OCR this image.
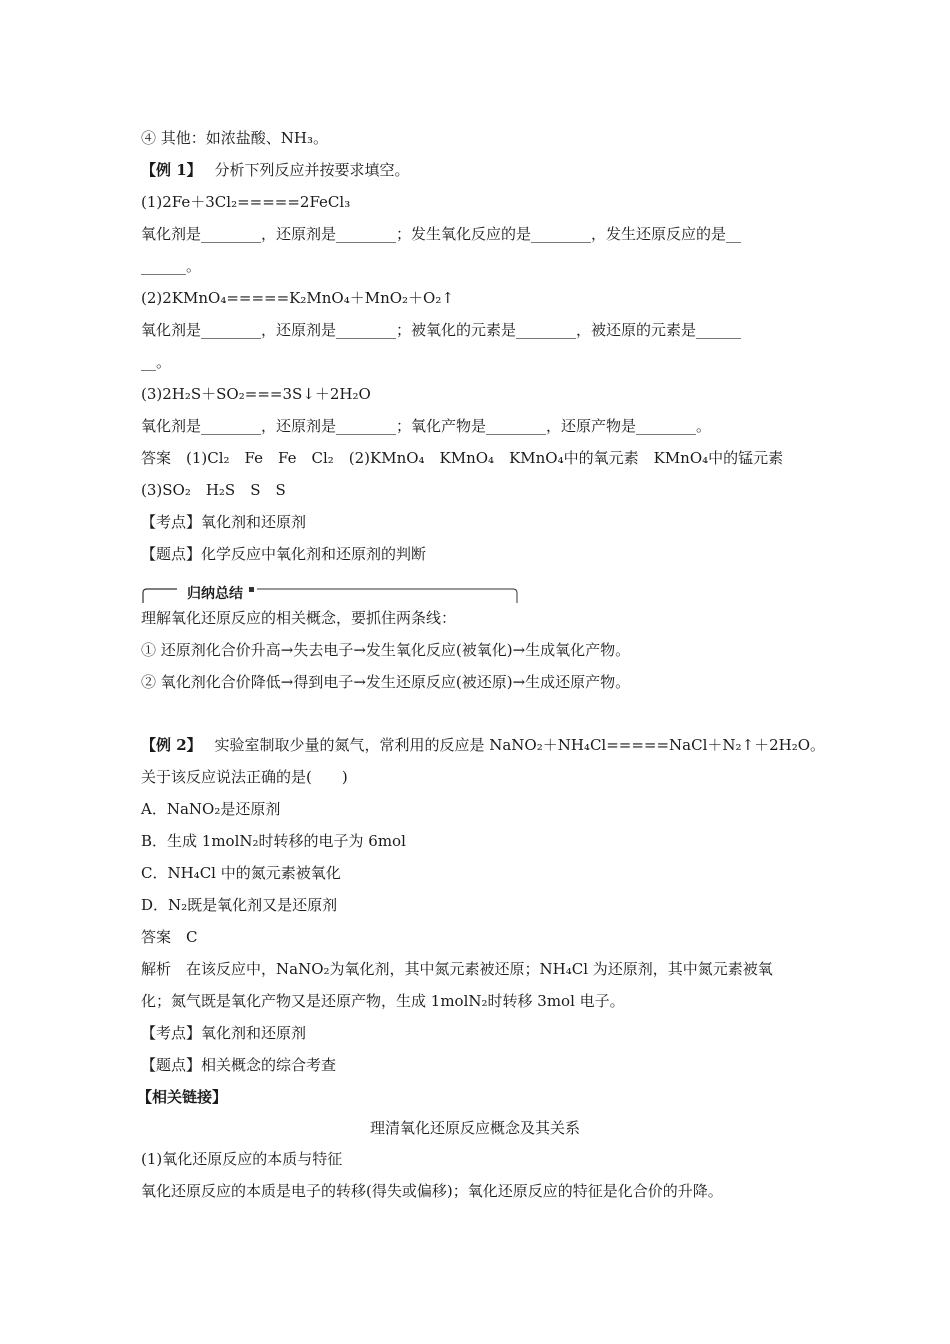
④ 其他：如浓盐酸、NH₃。
【例 1】 分析下列反应并按要求填空。
(1)2Fe＋3Cl₂=====2FeCl₃
氧化剂是________，还原剂是________；发生氧化反应的是________，发生还原反应的是__
______。
(2)2KMnO₄=====K₂MnO₄＋MnO₂＋O₂↑
氧化剂是________，还原剂是________；被氧化的元素是________，被还原的元素是______
__。
(3)2H₂S＋SO₂===3S↓＋2H₂O
氧化剂是________，还原剂是________；氧化产物是________，还原产物是________。
答案　(1)Cl₂　Fe　Fe　Cl₂　(2)KMnO₄　KMnO₄　KMnO₄中的氧元素　KMnO₄中的锰元素
(3)SO₂　H₂S　S　S
【考点】氧化剂和还原剂
【题点】化学反应中氧化剂和还原剂的判断
归纳总结
理解氧化还原反应的相关概念，要抓住两条线：
① 还原剂化合价升高→失去电子→发生氧化反应(被氧化)→生成氧化产物。
② 氧化剂化合价降低→得到电子→发生还原反应(被还原)→生成还原产物。
【例 2】 实验室制取少量的氮气，常利用的反应是 NaNO₂＋NH₄Cl=====NaCl＋N₂↑＋2H₂O。
关于该反应说法正确的是(　　)
A．NaNO₂是还原剂
B．生成 1molN₂时转移的电子为 6mol
C．NH₄Cl 中的氮元素被氧化
D．N₂既是氧化剂又是还原剂
答案　C
解析　在该反应中，NaNO₂为氧化剂，其中氮元素被还原；NH₄Cl 为还原剂，其中氮元素被氧
化；氮气既是氧化产物又是还原产物，生成 1molN₂时转移 3mol 电子。
【考点】氧化剂和还原剂
【题点】相关概念的综合考查
【相关链接】
理清氧化还原反应概念及其关系
(1)氧化还原反应的本质与特征
氧化还原反应的本质是电子的转移(得失或偏移)；氧化还原反应的特征是化合价的升降。
